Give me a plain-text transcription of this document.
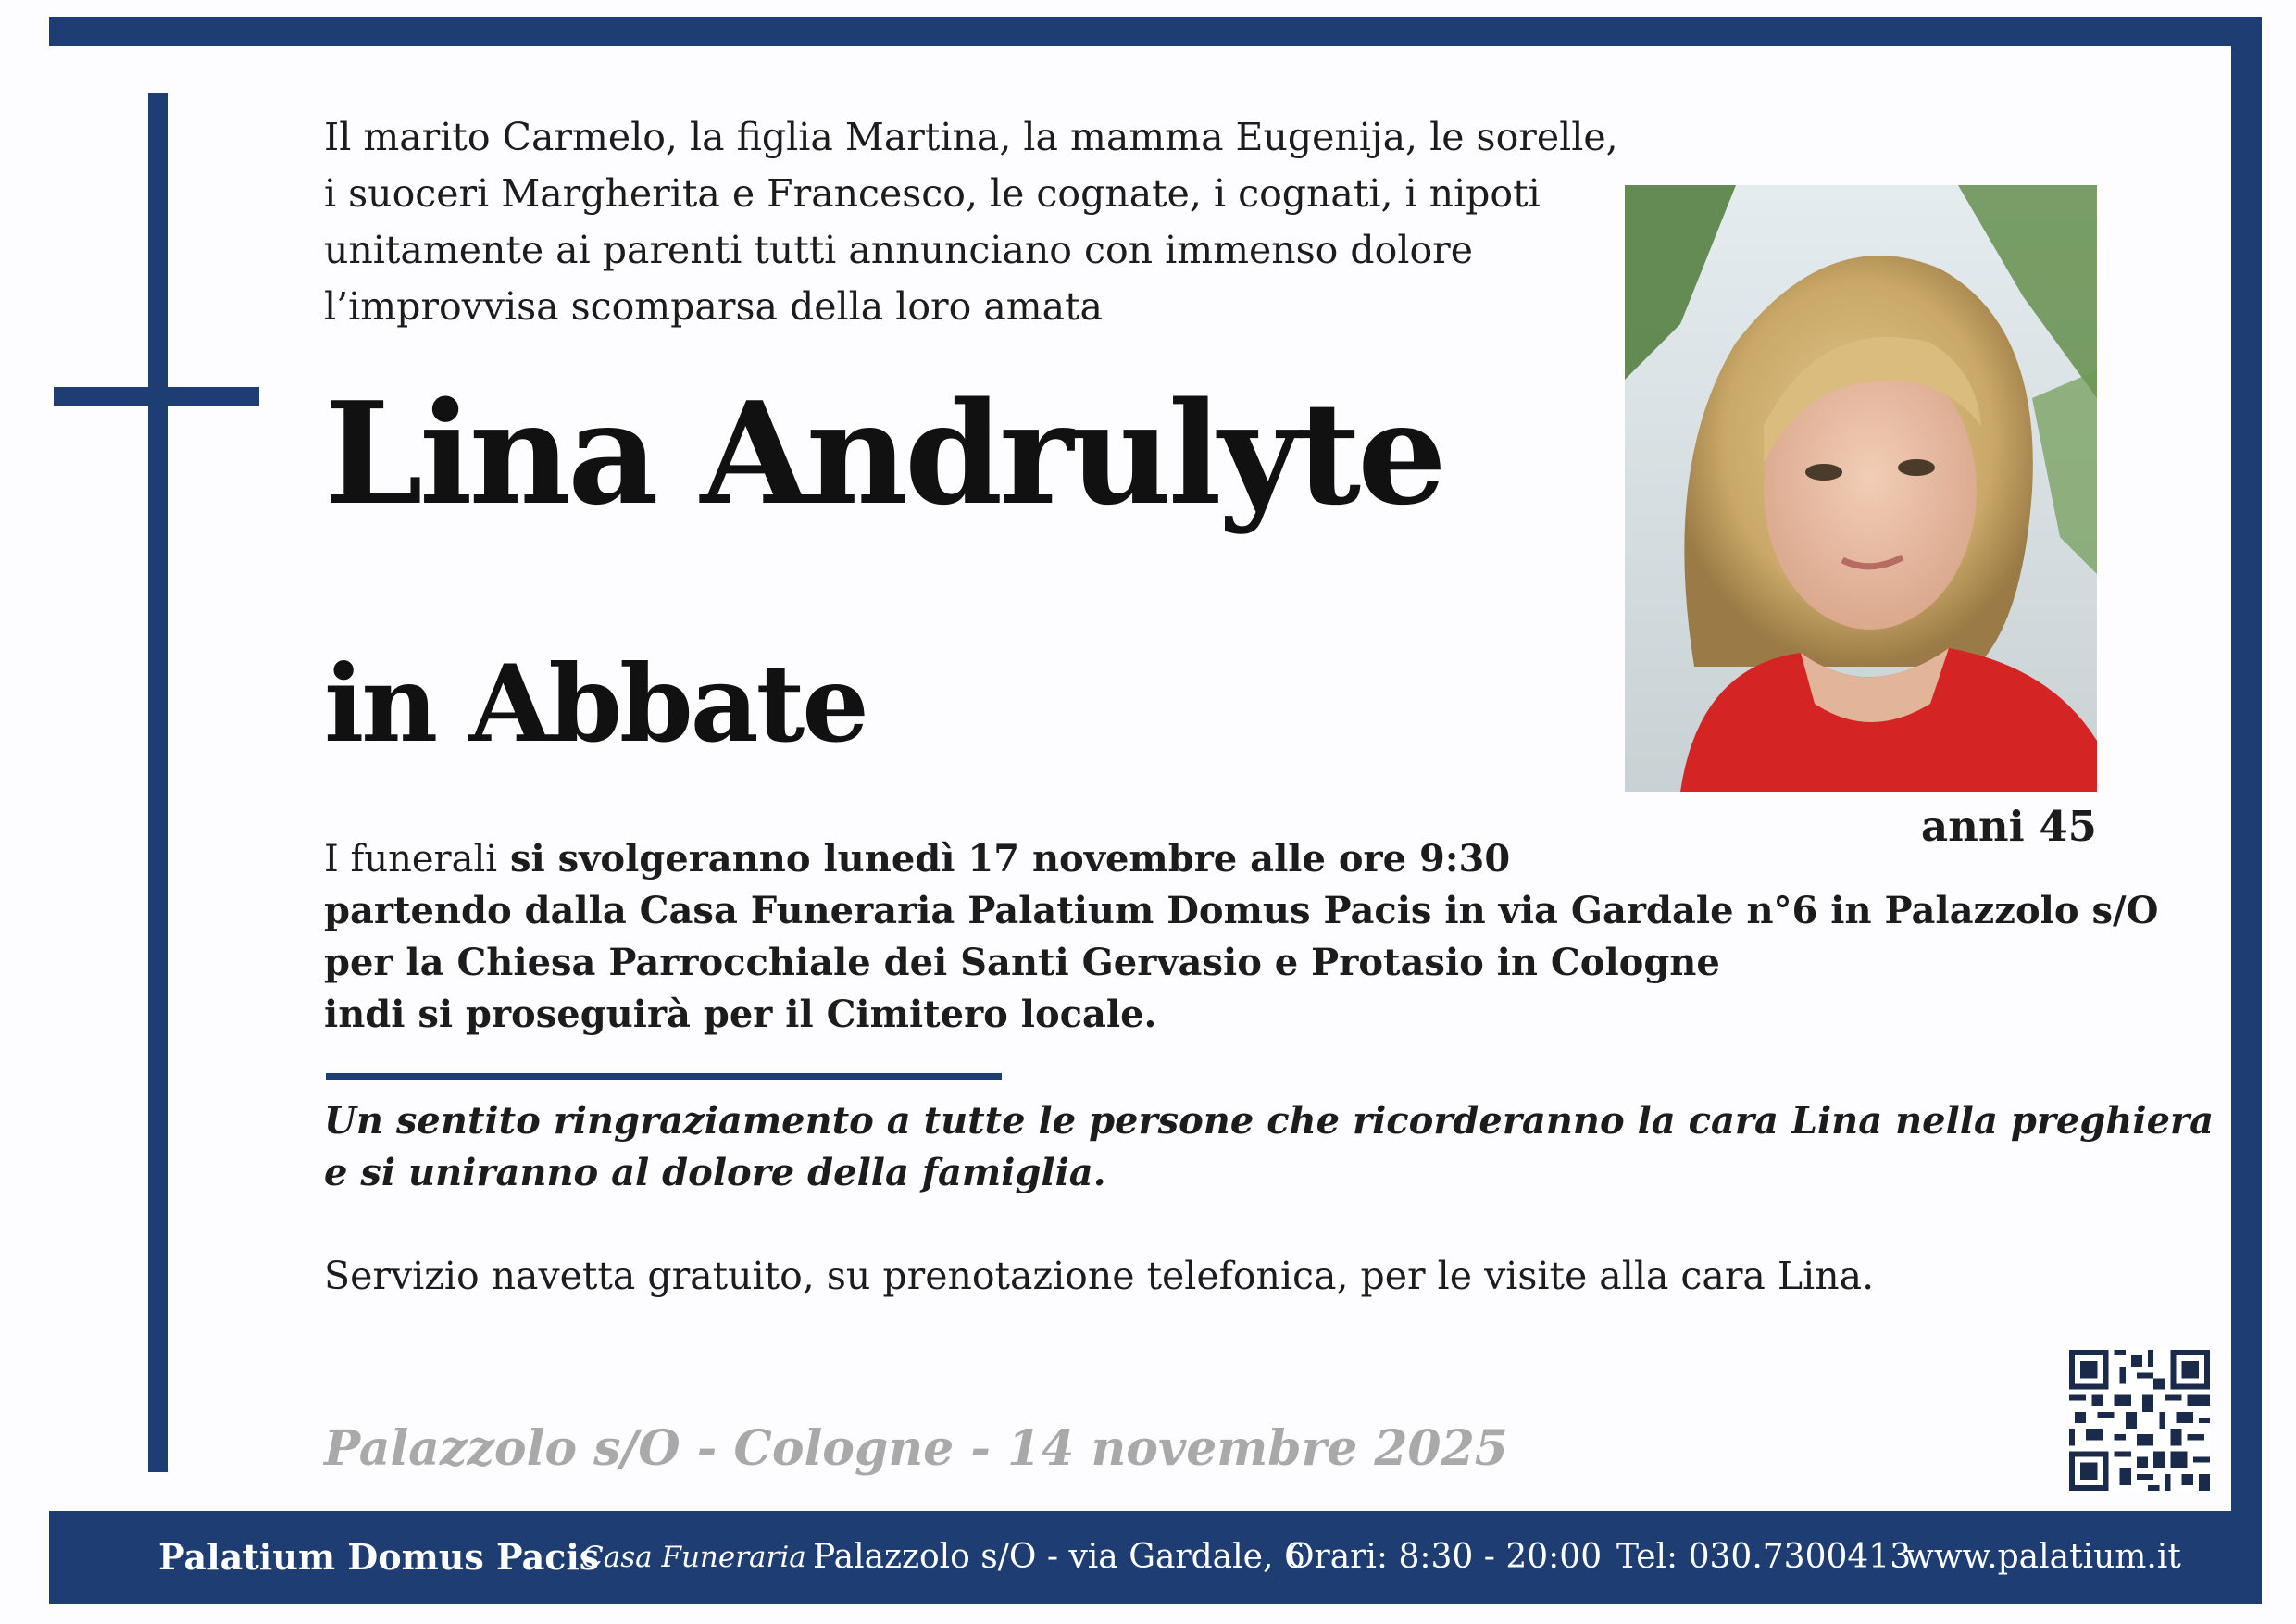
Il marito Carmelo, la figlia Martina, la mamma Eugenija, le sorelle,
i suoceri Margherita e Francesco, le cognate, i cognati, i nipoti
unitamente ai parenti tutti annunciano con immenso dolore
l’improvvisa scomparsa della loro amata
Lina Andrulyte
in Abbate
anni 45
I funerali si svolgeranno lunedì 17 novembre alle ore 9:30
partendo dalla Casa Funeraria Palatium Domus Pacis in via Gardale n°6 in Palazzolo s/O
per la Chiesa Parrocchiale dei Santi Gervasio e Protasio in Cologne
indi si proseguirà per il Cimitero locale.
Un sentito ringraziamento a tutte le persone che ricorderanno la cara Lina nella preghiera
e si uniranno al dolore della famiglia.
Servizio navetta gratuito, su prenotazione telefonica, per le visite alla cara Lina.
Palazzolo s/O - Cologne - 14 novembre 2025
Palatium Domus Pacis
Casa Funeraria Palazzolo s/O - via Gardale, 6
Orari: 8:30 - 20:00 Tel: 030.7300413
www.palatium.it
